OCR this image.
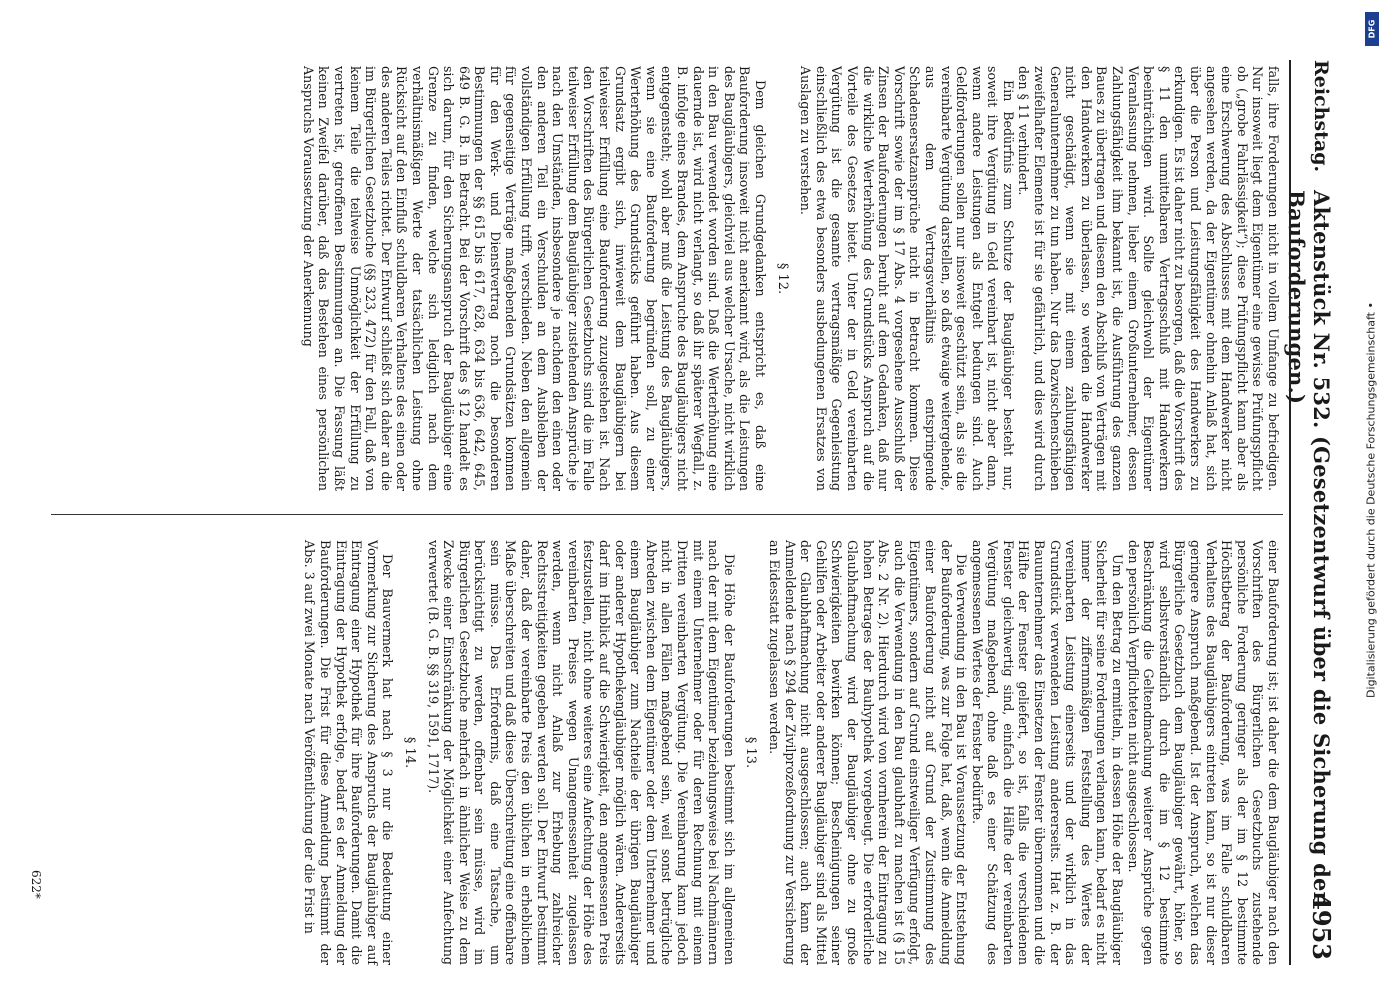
Reichstag.
Aktenstück Nr. 532. (Gesetzentwurf über die Sicherung der Bauforderungen.)
4953

falls, ihre Forderungen nicht in vollem Umfange zu befriedigen. Nur insoweit liegt dem Eigentümer eine gewisse Prüfungspflicht ob („grobe Fahrlässigkeit“); diese Prüfungspflicht kann aber als eine Erschwerung des Abschlusses mit dem Handwerker nicht angesehen werden, da der Eigentümer ohnehin Anlaß hat, sich über die Person und Leistungsfähigkeit des Handwerkers zu erkundigen. Es ist daher nicht zu besorgen, daß die Vorschrift des § 11 den unmittelbaren Vertragsschluß mit Handwerkern beeinträchtigen wird. Sollte gleichwohl der Eigentümer Veranlassung nehmen, lieber einem Großunternehmer, dessen Zahlungsfähigkeit ihm bekannt ist, die Ausführung des ganzen Baues zu übertragen und diesem den Abschluß von Verträgen mit den Handwerkern zu überlassen, so werden die Handwerker nicht geschädigt, wenn sie mit einem zahlungsfähigen Generalunternehmer zu tun haben. Nur das Dazwischenschieben zweifelhafter Elemente ist für sie gefährlich, und dies wird durch den § 11 verhindert.

Ein Bedürfnis zum Schutze der Baugläubiger besteht nur, soweit ihre Vergütung in Geld vereinbart ist, nicht aber dann, wenn andere Leistungen als Entgelt bedungen sind. Auch Geldforderungen sollen nur insoweit geschützt sein, als sie die vereinbarte Vergütung darstellen, so daß etwaige weitergehende, aus dem Vertragsverhältnis entspringende Schadensersatzansprüche nicht in Betracht kommen. Diese Vorschrift sowie der im § 17 Abs. 4 vorgesehene Ausschluß der Zinsen der Bauforderungen beruht auf dem Gedanken, daß nur die wirkliche Werterhöhung des Grundstücks Anspruch auf die Vorteile des Gesetzes bietet. Unter der in Geld vereinbarten Vergütung ist die gesamte vertragsmäßige Gegenleistung einschließlich des etwa besonders ausbedungenen Ersatzes von Auslagen zu verstehen.

§ 12.

Dem gleichen Grundgedanken entspricht es, daß eine Bauforderung insoweit nicht anerkannt wird, als die Leistungen des Baugläubigers, gleichviel aus welcher Ursache, nicht wirklich in den Bau verwendet worden sind. Daß die Werterhöhung eine dauernde ist, wird nicht verlangt, so daß ihr späterer Wegfall, z. B. infolge eines Brandes, dem Anspruche des Baugläubigers nicht entgegensteht; wohl aber muß die Leistung des Baugläubigers, wenn sie eine Bauforderung begründen soll, zu einer Werterhöhung des Grundstücks geführt haben. Aus diesem Grundsatz ergibt sich, inwieweit dem Baugläubigern bei teilweiser Erfüllung eine Bauforderung zuzugestehen ist. Nach den Vorschriften des Bürgerlichen Gesetzbuchs sind die im Falle teilweiser Erfüllung dem Baugläubiger zustehenden Ansprüche je nach den Umständen, insbesondere je nachdem den einen oder den anderen Teil ein Verschulden an dem Ausbleiben der vollständigen Erfüllung trifft, verschieden. Neben den allgemein für gegenseitige Verträge maßgebenden Grundsätzen kommen für den Werk- und Dienstvertrag noch die besonderen Bestimmungen der §§ 615 bis 617, 628, 634 bis 636, 642, 645, 649 B. G. B. in Betracht. Bei der Vorschrift des § 12 handelt es sich darum, für den Sicherungsanspruch der Baugläubiger eine Grenze zu finden, welche sich lediglich nach dem verhältnismäßigen Werte der tatsächlichen Leistung ohne Rücksicht auf den Einfluß schuldbaren Verhaltens des einen oder des anderen Teiles richtet. Der Entwurf schließt sich daher an die im Bürgerlichen Gesetzbuche (§§ 323, 472) für den Fall, daß von keinem Teile die teilweise Unmöglichkeit der Erfüllung zu vertreten ist, getroffenen Bestimmungen an. Die Fassung läßt keinen Zweifel darüber, daß das Bestehen eines persönlichen Anspruchs Voraussetzung der Anerkennung

einer Bauforderung ist; ist daher die dem Baugläubiger nach den Vorschriften des Bürgerlichen Gesetzbuchs zustehende persönliche Forderung geringer als der im § 12 bestimmte Höchstbetrag der Bauforderung, was im Falle schuldbaren Verhaltens des Baugläubigers eintreten kann, so ist nur dieser geringere Anspruch maßgebend. Ist der Anspruch, welchen das Bürgerliche Gesetzbuch dem Baugläubiger gewährt, höher, so wird selbstverständlich durch die im § 12 bestimmte Beschränkung die Geltendmachung weiterer Ansprüche gegen den persönlich Verpflichteten nicht ausgeschlossen.

Um den Betrag zu ermitteln, in dessen Höhe der Baugläubiger Sicherheit für seine Forderungen verlangen kann, bedarf es nicht immer der ziffernmäßigen Feststellung des Wertes der vereinbarten Leistung einerseits und der wirklich in das Grundstück verwendeten Leistung andererseits. Hat z. B. der Bauunternehmer das Einsetzen der Fenster übernommen und die Hälfte der Fenster geliefert, so ist, falls die verschiedenen Fenster gleichwertig sind, einfach die Hälfte der vereinbarten Vergütung maßgebend, ohne daß es einer Schätzung des angemessenen Wertes der Fenster bedürfte.

Die Verwendung in den Bau ist Voraussetzung der Entstehung der Bauforderung, was zur Folge hat, daß, wenn die Anmeldung einer Bauforderung nicht auf Grund der Zustimmung des Eigentümers, sondern auf Grund einstweiliger Verfügung erfolgt, auch die Verwendung in den Bau glaubhaft zu machen ist (§ 15 Abs. 2 Nr. 2). Hierdurch wird von vornherein der Eintragung zu hohen Betrages der Bauhypothek vorgebeugt. Die erforderliche Glaubhaftmachung wird der Baugläubiger ohne zu große Schwierigkeiten bewirken können; Bescheinigungen seiner Gehilfen oder Arbeiter oder anderer Baugläubiger sind als Mittel der Glaubhaftmachung nicht ausgeschlossen; auch kann der Anmeldende nach § 294 der Zivilprozeßordnung zur Versicherung an Eidesstatt zugelassen werden.

§ 13.

Die Höhe der Bauforderungen bestimmt sich im allgemeinen nach der mit dem Eigentümer beziehungsweise bei Nachmännern mit einem Unternehmer oder für deren Rechnung mit einem Dritten vereinbarten Vergütung. Die Vereinbarung kann jedoch nicht in allen Fällen maßgebend sein, weil sonst betrügliche Abreden zwischen dem Eigentümer oder dem Unternehmer und einem Baugläubiger zum Nachteile der übrigen Baugläubiger oder anderer Hypothekengläubiger möglich wären. Andererseits darf im Hinblick auf die Schwierigkeit, den angemessenen Preis festzustellen, nicht ohne weiteres eine Anfechtung der Höhe des vereinbarten Preises wegen Unangemessenheit zugelassen werden, wenn nicht Anlaß zur Erhebung zahlreicher Rechtsstreitigkeiten gegeben werden soll. Der Entwurf bestimmt daher, daß der vereinbarte Preis den üblichen in erheblichem Maße überschreiten und daß diese Überschreitung eine offenbare sein müsse. Das Erfordernis, daß eine Tatsache, um berücksichtigt zu werden, offenbar sein müsse, wird im Bürgerlichen Gesetzbuche mehrfach in ähnlicher Weise zu dem Zwecke einer Einschränkung der Möglichkeit einer Anfechtung verwertet (B. G. B. §§ 319, 1591, 1717).

§ 14.

Der Bauvermerk hat nach § 3 nur die Bedeutung einer Vormerkung zur Sicherung des Anspruchs der Baugläubiger auf Eintragung einer Hypothek für ihre Bauforderungen. Damit die Eintragung der Hypothek erfolge, bedarf es der Anmeldung der Bauforderungen. Die Frist für diese Anmeldung bestimmt der Abs. 3 auf zwei Monate nach Veröffentlichung der die Frist in

622*
Digitalisierung gefördert durch die Deutsche Forschungsgemeinschaft •
DFG
